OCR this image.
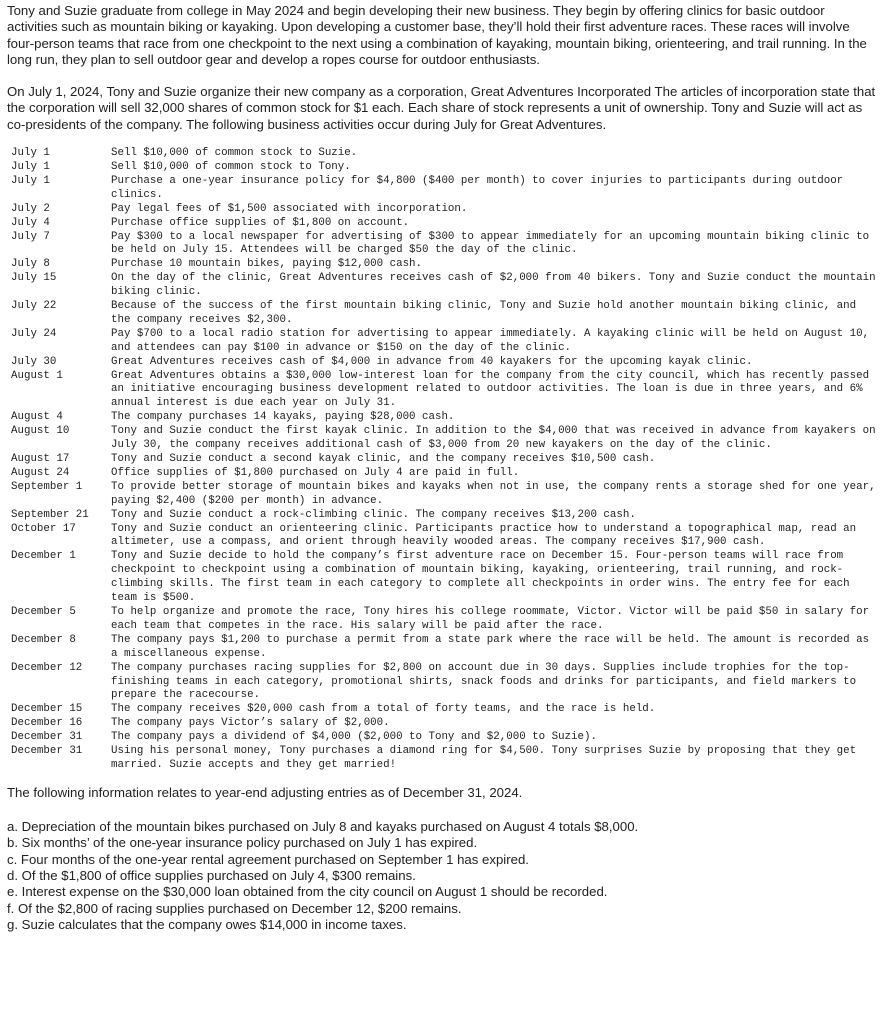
Tony and Suzie graduate from college in May 2024 and begin developing their new business. They begin by offering clinics for basic outdoor activities such as mountain biking or kayaking. Upon developing a customer base, they’ll hold their first adventure races. These races will involve four-person teams that race from one checkpoint to the next using a combination of kayaking, mountain biking, orienteering, and trail running. In the long run, they plan to sell outdoor gear and develop a ropes course for outdoor enthusiasts.

On July 1, 2024, Tony and Suzie organize their new company as a corporation, Great Adventures Incorporated The articles of incorporation state that the corporation will sell 32,000 shares of common stock for $1 each. Each share of stock represents a unit of ownership. Tony and Suzie will act as co-presidents of the company. The following business activities occur during July for Great Adventures.

July 1	Sell $10,000 of common stock to Suzie.
July 1	Sell $10,000 of common stock to Tony.
July 1	Purchase a one-year insurance policy for $4,800 ($400 per month) to cover injuries to participants during outdoor clinics.
July 2	Pay legal fees of $1,500 associated with incorporation.
July 4	Purchase office supplies of $1,800 on account.
July 7	Pay $300 to a local newspaper for advertising of $300 to appear immediately for an upcoming mountain biking clinic to be held on July 15. Attendees will be charged $50 the day of the clinic.
July 8	Purchase 10 mountain bikes, paying $12,000 cash.
July 15	On the day of the clinic, Great Adventures receives cash of $2,000 from 40 bikers. Tony and Suzie conduct the mountain biking clinic.
July 22	Because of the success of the first mountain biking clinic, Tony and Suzie hold another mountain biking clinic, and the company receives $2,300.
July 24	Pay $700 to a local radio station for advertising to appear immediately. A kayaking clinic will be held on August 10, and attendees can pay $100 in advance or $150 on the day of the clinic.
July 30	Great Adventures receives cash of $4,000 in advance from 40 kayakers for the upcoming kayak clinic.
August 1	Great Adventures obtains a $30,000 low-interest loan for the company from the city council, which has recently passed an initiative encouraging business development related to outdoor activities. The loan is due in three years, and 6% annual interest is due each year on July 31.
August 4	The company purchases 14 kayaks, paying $28,000 cash.
August 10	Tony and Suzie conduct the first kayak clinic. In addition to the $4,000 that was received in advance from kayakers on July 30, the company receives additional cash of $3,000 from 20 new kayakers on the day of the clinic.
August 17	Tony and Suzie conduct a second kayak clinic, and the company receives $10,500 cash.
August 24	Office supplies of $1,800 purchased on July 4 are paid in full.
September 1	To provide better storage of mountain bikes and kayaks when not in use, the company rents a storage shed for one year, paying $2,400 ($200 per month) in advance.
September 21	Tony and Suzie conduct a rock-climbing clinic. The company receives $13,200 cash.
October 17	Tony and Suzie conduct an orienteering clinic. Participants practice how to understand a topographical map, read an altimeter, use a compass, and orient through heavily wooded areas. The company receives $17,900 cash.
December 1	Tony and Suzie decide to hold the company’s first adventure race on December 15. Four-person teams will race from checkpoint to checkpoint using a combination of mountain biking, kayaking, orienteering, trail running, and rock-climbing skills. The first team in each category to complete all checkpoints in order wins. The entry fee for each team is $500.
December 5	To help organize and promote the race, Tony hires his college roommate, Victor. Victor will be paid $50 in salary for each team that competes in the race. His salary will be paid after the race.
December 8	The company pays $1,200 to purchase a permit from a state park where the race will be held. The amount is recorded as a miscellaneous expense.
December 12	The company purchases racing supplies for $2,800 on account due in 30 days. Supplies include trophies for the top-finishing teams in each category, promotional shirts, snack foods and drinks for participants, and field markers to prepare the racecourse.
December 15	The company receives $20,000 cash from a total of forty teams, and the race is held.
December 16	The company pays Victor’s salary of $2,000.
December 31	The company pays a dividend of $4,000 ($2,000 to Tony and $2,000 to Suzie).
December 31	Using his personal money, Tony purchases a diamond ring for $4,500. Tony surprises Suzie by proposing that they get married. Suzie accepts and they get married!

The following information relates to year-end adjusting entries as of December 31, 2024.

a. Depreciation of the mountain bikes purchased on July 8 and kayaks purchased on August 4 totals $8,000.
b. Six months’ of the one-year insurance policy purchased on July 1 has expired.
c. Four months of the one-year rental agreement purchased on September 1 has expired.
d. Of the $1,800 of office supplies purchased on July 4, $300 remains.
e. Interest expense on the $30,000 loan obtained from the city council on August 1 should be recorded.
f. Of the $2,800 of racing supplies purchased on December 12, $200 remains.
g. Suzie calculates that the company owes $14,000 in income taxes.
